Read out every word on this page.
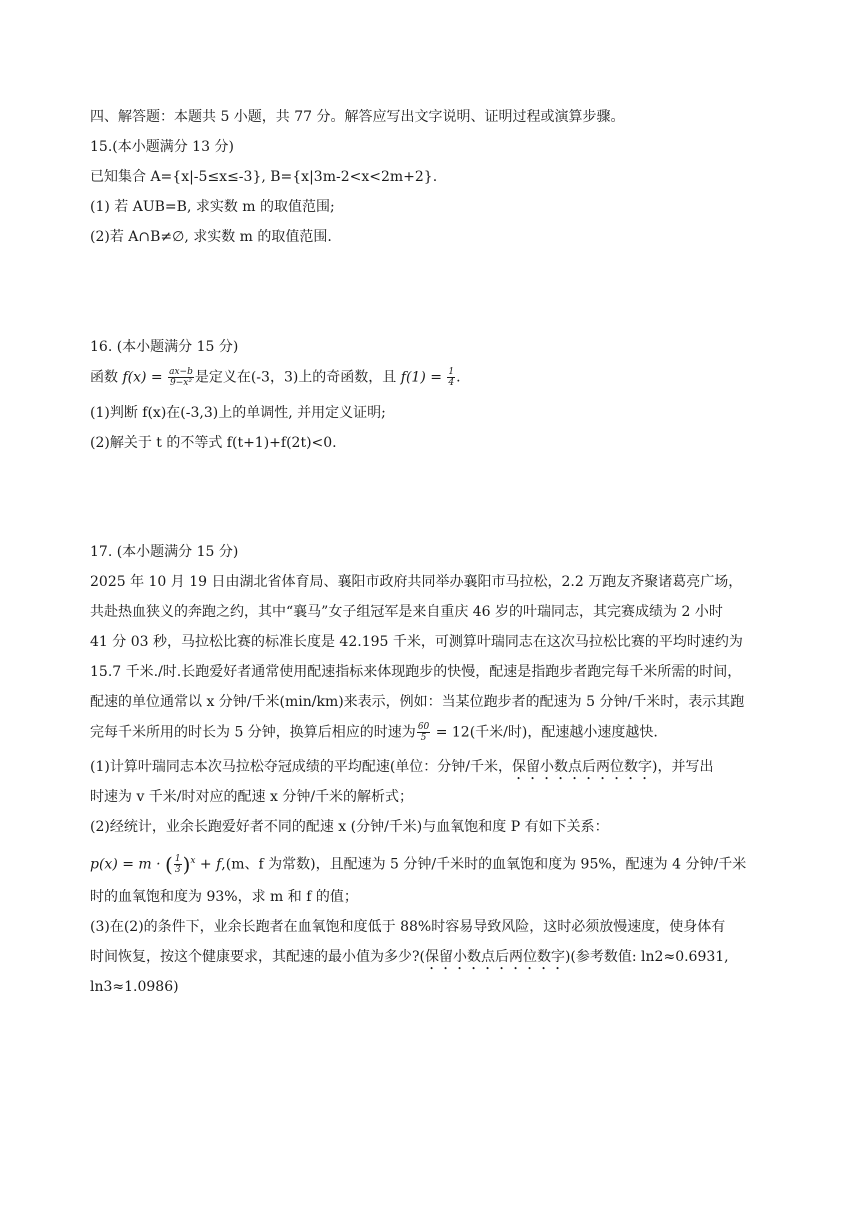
四、解答题：本题共 5 小题，共 77 分。解答应写出文字说明、证明过程或演算步骤。
15.(本小题满分 13 分)
已知集合 A={x|-5≤x≤-3}, B={x|3m-2<x<2m+2}.
(1) 若 AUB=B, 求实数 m 的取值范围;
(2)若 A∩B≠∅, 求实数 m 的取值范围.
16. (本小题满分 15 分)
函数 $f(x) = \frac{ax-b}{\text{9−x²}}$ 是定义在(-3，3)上的奇函数，且 $f(1) = \frac{1}{4}$ .
(1)判断 f(x)在(-3,3)上的单调性, 并用定义证明;
(2)解关于 t 的不等式 f(t+1)+f(2t)<0.
17. (本小题满分 15 分)
2025 年 10 月 19 日由湖北省体育局、襄阳市政府共同举办襄阳市马拉松，2.2 万跑友齐聚诸葛亮广场，
共赴热血狭义的奔跑之约，其中“襄马”女子组冠军是来自重庆 46 岁的叶瑞同志，其完赛成绩为 2 小时
41 分 03 秒，马拉松比赛的标准长度是 42.195 千米，可测算叶瑞同志在这次马拉松比赛的平均时速约为
15.7 千米./时.长跑爱好者通常使用配速指标来体现跑步的快慢，配速是指跑步者跑完每千米所需的时间，
配速的单位通常以 x 分钟/千米(min/km)来表示，例如：当某位跑步者的配速为 5 分钟/千米时，表示其跑
完每千米所用的时长为 5 分钟，换算后相应的时速为 $\frac{60}{5} = 12$(千米/时)，配速越小速度越快.
(1)计算叶瑞同志本次马拉松夺冠成绩的平均配速(单位：分钟/千米，保留小数点后两位数字)，并写出
时速为 v 千米/时对应的配速 x 分钟/千米的解析式；
(2)经统计，业余长跑爱好者不同的配速 x (分钟/千米)与血氧饱和度 P 有如下关系：
p(x) = m · ( $\frac{1}{3} )^x + f,(m$、f 为常数)，且配速为 5 分钟/千米时的血氧饱和度为 95%，配速为 4 分钟/千米
时的血氧饱和度为 93%，求 m 和 f 的值；
(3)在(2)的条件下，业余长跑者在血氧饱和度低于 88%时容易导致风险，这时必须放慢速度，使身体有
时间恢复，按这个健康要求，其配速的最小值为多少?(保留小数点后两位数字)(参考数值: ln2≈0.6931,
ln3≈1.0986)
